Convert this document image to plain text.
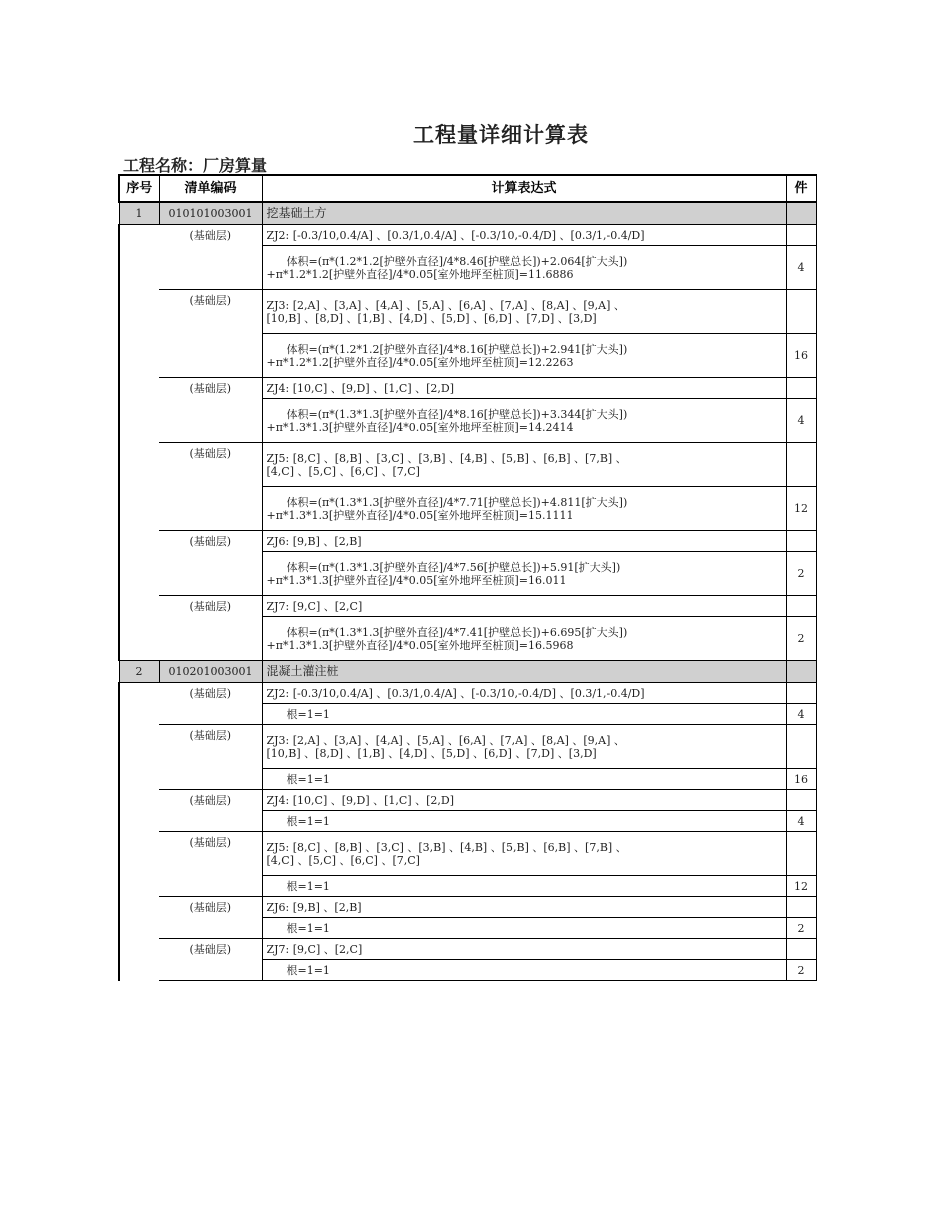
工程量详细计算表
工程名称：厂房算量
序号	清单编码	计算表达式	件
1	010101003001	挖基础土方	
	(基础层)	ZJ2: [-0.3/10,0.4/A] 、[0.3/1,0.4/A] 、[-0.3/10,-0.4/D] 、[0.3/1,-0.4/D]	
		体积=(π*(1.2*1.2[护壁外直径]/4*8.46[护壁总长])+2.064[扩大头])
+π*1.2*1.2[护壁外直径]/4*0.05[室外地坪至桩顶]=11.6886	4
	(基础层)	ZJ3: [2,A] 、[3,A] 、[4,A] 、[5,A] 、[6,A] 、[7,A] 、[8,A] 、[9,A] 、
[10,B] 、[8,D] 、[1,B] 、[4,D] 、[5,D] 、[6,D] 、[7,D] 、[3,D]	
		体积=(π*(1.2*1.2[护壁外直径]/4*8.16[护壁总长])+2.941[扩大头])
+π*1.2*1.2[护壁外直径]/4*0.05[室外地坪至桩顶]=12.2263	16
	(基础层)	ZJ4: [10,C] 、[9,D] 、[1,C] 、[2,D]	
		体积=(π*(1.3*1.3[护壁外直径]/4*8.16[护壁总长])+3.344[扩大头])
+π*1.3*1.3[护壁外直径]/4*0.05[室外地坪至桩顶]=14.2414	4
	(基础层)	ZJ5: [8,C] 、[8,B] 、[3,C] 、[3,B] 、[4,B] 、[5,B] 、[6,B] 、[7,B] 、
[4,C] 、[5,C] 、[6,C] 、[7,C]	
		体积=(π*(1.3*1.3[护壁外直径]/4*7.71[护壁总长])+4.811[扩大头])
+π*1.3*1.3[护壁外直径]/4*0.05[室外地坪至桩顶]=15.1111	12
	(基础层)	ZJ6: [9,B] 、[2,B]	
		体积=(π*(1.3*1.3[护壁外直径]/4*7.56[护壁总长])+5.91[扩大头])
+π*1.3*1.3[护壁外直径]/4*0.05[室外地坪至桩顶]=16.011	2
	(基础层)	ZJ7: [9,C] 、[2,C]	
		体积=(π*(1.3*1.3[护壁外直径]/4*7.41[护壁总长])+6.695[扩大头])
+π*1.3*1.3[护壁外直径]/4*0.05[室外地坪至桩顶]=16.5968	2
2	010201003001	混凝土灌注桩	
	(基础层)	ZJ2: [-0.3/10,0.4/A] 、[0.3/1,0.4/A] 、[-0.3/10,-0.4/D] 、[0.3/1,-0.4/D]	
		根=1=1	4
	(基础层)	ZJ3: [2,A] 、[3,A] 、[4,A] 、[5,A] 、[6,A] 、[7,A] 、[8,A] 、[9,A] 、
[10,B] 、[8,D] 、[1,B] 、[4,D] 、[5,D] 、[6,D] 、[7,D] 、[3,D]	
		根=1=1	16
	(基础层)	ZJ4: [10,C] 、[9,D] 、[1,C] 、[2,D]	
		根=1=1	4
	(基础层)	ZJ5: [8,C] 、[8,B] 、[3,C] 、[3,B] 、[4,B] 、[5,B] 、[6,B] 、[7,B] 、
[4,C] 、[5,C] 、[6,C] 、[7,C]	
		根=1=1	12
	(基础层)	ZJ6: [9,B] 、[2,B]	
		根=1=1	2
	(基础层)	ZJ7: [9,C] 、[2,C]	
		根=1=1	2
